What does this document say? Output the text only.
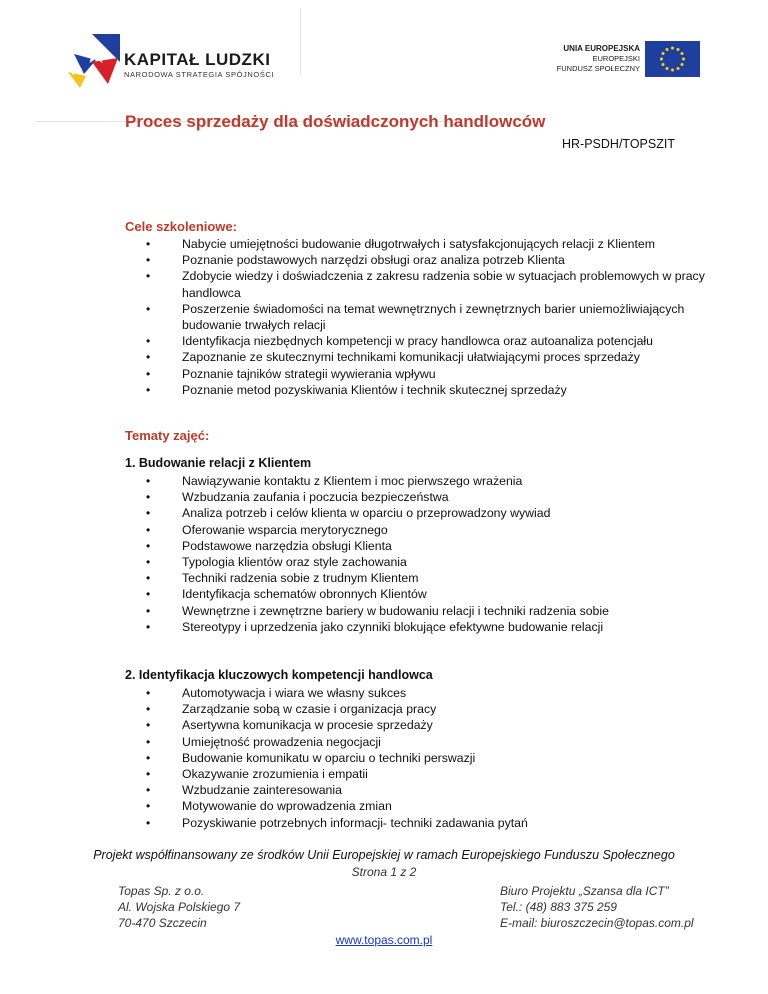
KAPITAŁ LUDZKI
NARODOWA STRATEGIA SPÓJNOŚCI
UNIA EUROPEJSKA
EUROPEJSKI
FUNDUSZ SPOŁECZNY
Proces sprzedaży dla doświadczonych handlowców
HR-PSDH/TOPSZIT
Cele szkoleniowe:
• Nabycie umiejętności budowanie długotrwałych i satysfakcjonujących relacji z Klientem
• Poznanie podstawowych narzędzi obsługi oraz analiza potrzeb Klienta
• Zdobycie wiedzy i doświadczenia z zakresu radzenia sobie w sytuacjach problemowych w pracy handlowca
• Poszerzenie świadomości na temat wewnętrznych i zewnętrznych barier uniemożliwiających budowanie trwałych relacji
• Identyfikacja niezbędnych kompetencji w pracy handlowca oraz autoanaliza potencjału
• Zapoznanie ze skutecznymi technikami komunikacji ułatwiającymi proces sprzedaży
• Poznanie tajników strategii wywierania wpływu
• Poznanie metod pozyskiwania Klientów i technik skutecznej sprzedaży
Tematy zajęć:
1. Budowanie relacji z Klientem
• Nawiązywanie kontaktu z Klientem i moc pierwszego wrażenia
• Wzbudzania zaufania i poczucia bezpieczeństwa
• Analiza potrzeb i celów klienta w oparciu o przeprowadzony wywiad
• Oferowanie wsparcia merytorycznego
• Podstawowe narzędzia obsługi Klienta
• Typologia klientów oraz style zachowania
• Techniki radzenia sobie z trudnym Klientem
• Identyfikacja schematów obronnych Klientów
• Wewnętrzne i zewnętrzne bariery w budowaniu relacji i techniki radzenia sobie
• Stereotypy i uprzedzenia jako czynniki blokujące efektywne budowanie relacji
2. Identyfikacja kluczowych kompetencji handlowca
• Automotywacja i wiara we własny sukces
• Zarządzanie sobą w czasie i organizacja pracy
• Asertywna komunikacja w procesie sprzedaży
• Umiejętność prowadzenia negocjacji
• Budowanie komunikatu w oparciu o techniki perswazji
• Okazywanie zrozumienia i empatii
• Wzbudzanie zainteresowania
• Motywowanie do wprowadzenia zmian
• Pozyskiwanie potrzebnych informacji- techniki zadawania pytań
Projekt współfinansowany ze środków Unii Europejskiej w ramach Europejskiego Funduszu Społecznego
Strona 1 z 2
Topas Sp. z o.o.
Al. Wojska Polskiego 7
70-470 Szczecin
Biuro Projektu „Szansa dla ICT”
Tel.: (48) 883 375 259
E-mail: biuroszczecin@topas.com.pl
www.topas.com.pl
